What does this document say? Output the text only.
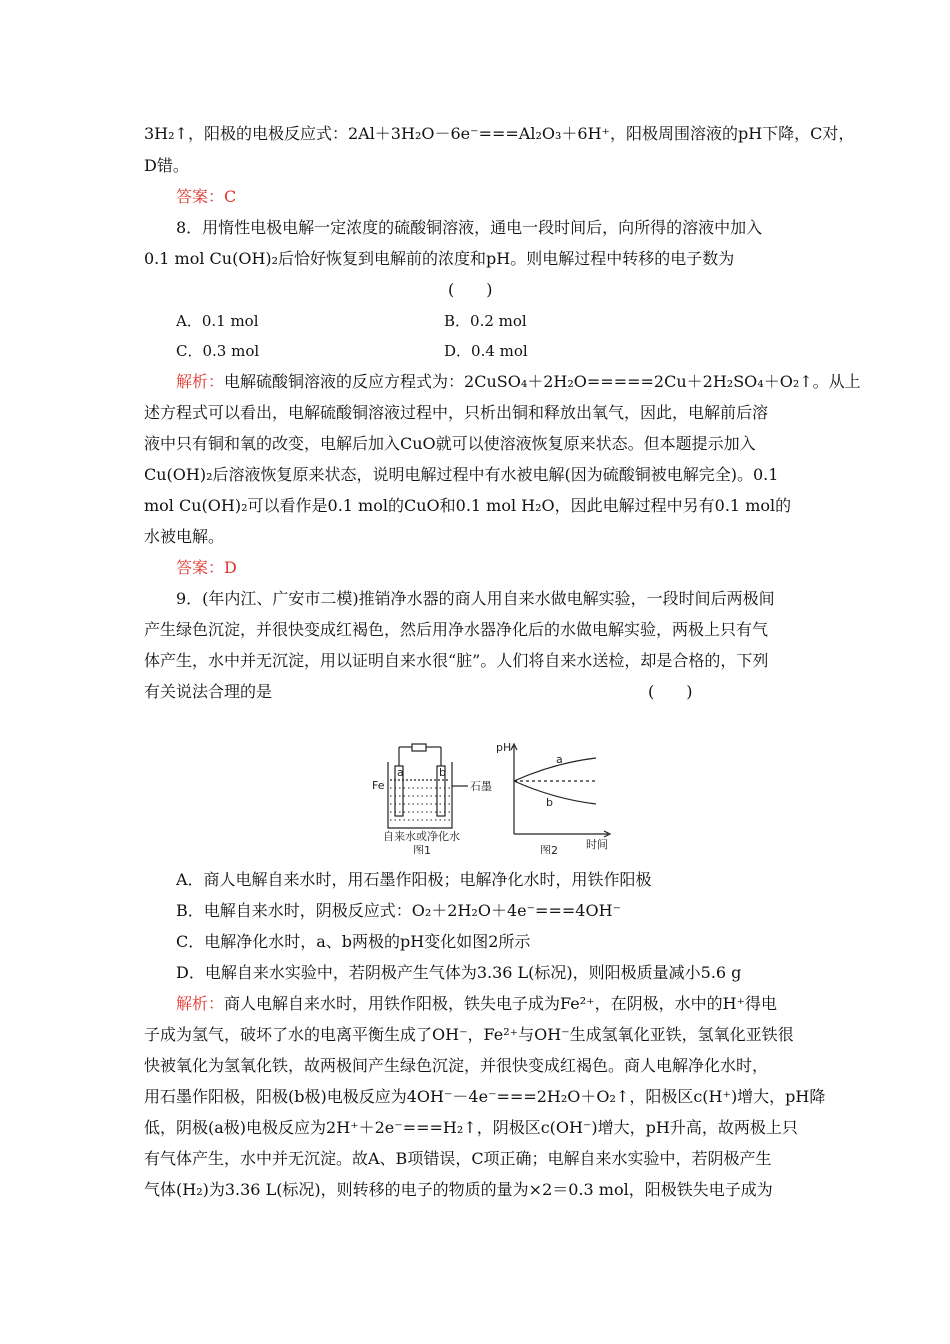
3H₂↑，阳极的电极反应式：2Al＋3H₂O－6e⁻===Al₂O₃＋6H⁺，阳极周围溶液的pH下降，C对，
D错。
答案：C
8．用惰性电极电解一定浓度的硫酸铜溶液，通电一段时间后，向所得的溶液中加入
0.1 mol Cu(OH)₂后恰好恢复到电解前的浓度和pH。则电解过程中转移的电子数为
(　　)
A．0.1 mol	B．0.2 mol
C．0.3 mol	D．0.4 mol
解析：电解硫酸铜溶液的反应方程式为：2CuSO₄＋2H₂O=====2Cu＋2H₂SO₄＋O₂↑。从上
述方程式可以看出，电解硫酸铜溶液过程中，只析出铜和释放出氧气，因此，电解前后溶
液中只有铜和氧的改变，电解后加入CuO就可以使溶液恢复原来状态。但本题提示加入
Cu(OH)₂后溶液恢复原来状态，说明电解过程中有水被电解(因为硫酸铜被电解完全)。0.1
mol Cu(OH)₂可以看作是0.1 mol的CuO和0.1 mol H₂O，因此电解过程中另有0.1 mol的
水被电解。
答案：D
9．(年内江、广安市二模)推销净水器的商人用自来水做电解实验，一段时间后两极间
产生绿色沉淀，并很快变成红褐色，然后用净水器净化后的水做电解实验，两极上只有气
体产生，水中并无沉淀，用以证明自来水很“脏”。人们将自来水送检，却是合格的，下列
有关说法合理的是	(　　)
Fe
a	b
石墨
自来水或净化水
图1
pH
a
b
时间
图2
A．商人电解自来水时，用石墨作阳极；电解净化水时，用铁作阳极
B．电解自来水时，阴极反应式：O₂＋2H₂O＋4e⁻===4OH⁻
C．电解净化水时，a、b两极的pH变化如图2所示
D．电解自来水实验中，若阴极产生气体为3.36 L(标况)，则阳极质量减小5.6 g
解析：商人电解自来水时，用铁作阳极，铁失电子成为Fe²⁺，在阴极，水中的H⁺得电
子成为氢气，破坏了水的电离平衡生成了OH⁻，Fe²⁺与OH⁻生成氢氧化亚铁，氢氧化亚铁很
快被氧化为氢氧化铁，故两极间产生绿色沉淀，并很快变成红褐色。商人电解净化水时，
用石墨作阳极，阳极(b极)电极反应为4OH⁻－4e⁻===2H₂O＋O₂↑，阳极区c(H⁺)增大，pH降
低，阴极(a极)电极反应为2H⁺＋2e⁻===H₂↑，阴极区c(OH⁻)增大，pH升高，故两极上只
有气体产生，水中并无沉淀。故A、B项错误，C项正确；电解自来水实验中，若阴极产生
气体(H₂)为3.36 L(标况)，则转移的电子的物质的量为×2＝0.3 mol，阳极铁失电子成为
